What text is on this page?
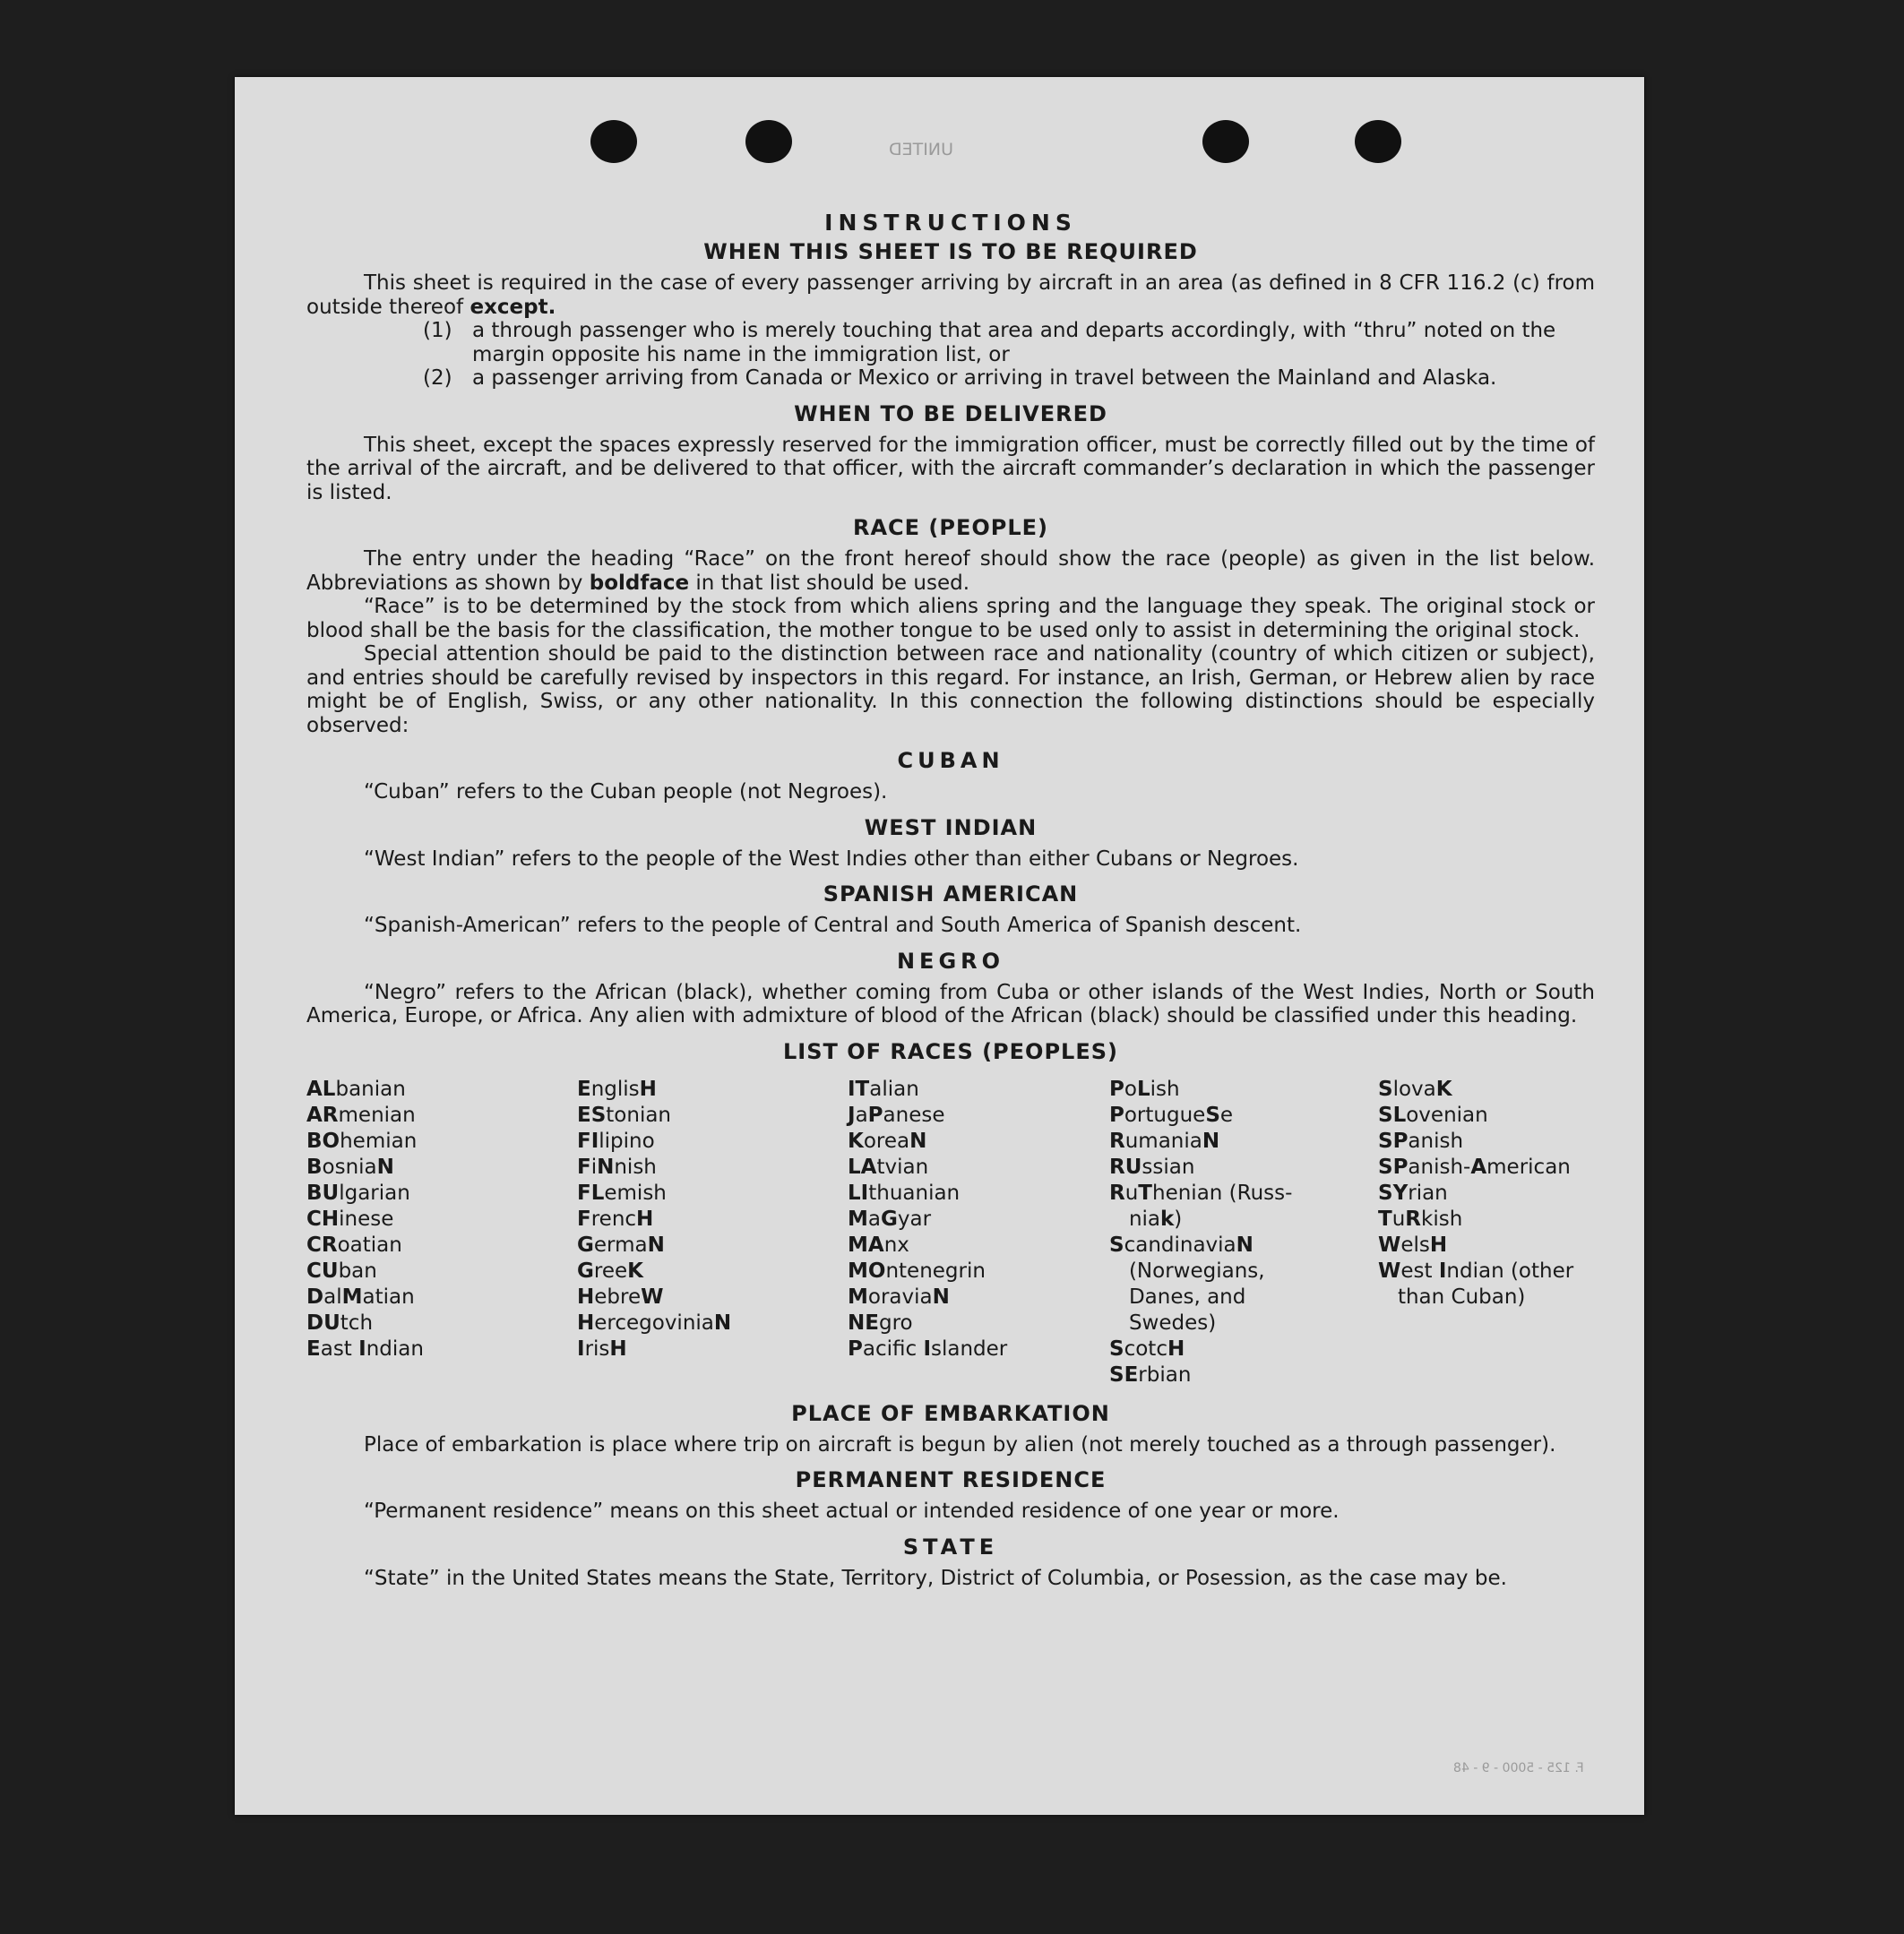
UNITED
F. 125 - 5000 - 9 - 48
INSTRUCTIONS
WHEN THIS SHEET IS TO BE REQUIRED

This sheet is required in the case of every passenger arriving by aircraft in an area (as defined in 8 CFR 116.2 (c) from outside thereof except.

(1) a through passenger who is merely touching that area and departs accordingly, with “thru” noted on the margin opposite his name in the immigration list, or
(2) a passenger arriving from Canada or Mexico or arriving in travel between the Mainland and Alaska.
WHEN TO BE DELIVERED

This sheet, except the spaces expressly reserved for the immigration officer, must be correctly filled out by the time of the arrival of the aircraft, and be delivered to that officer, with the aircraft commander’s declaration in which the passenger is listed.

RACE (PEOPLE)

The entry under the heading “Race” on the front hereof should show the race (people) as given in the list below. Abbreviations as shown by boldface in that list should be used.

“Race” is to be determined by the stock from which aliens spring and the language they speak. The original stock or blood shall be the basis for the classification, the mother tongue to be used only to assist in determining the original stock.

Special attention should be paid to the distinction between race and nationality (country of which citizen or subject), and entries should be carefully revised by inspectors in this regard. For instance, an Irish, German, or Hebrew alien by race might be of English, Swiss, or any other nationality. In this connection the following distinctions should be especially observed:

CUBAN

“Cuban” refers to the Cuban people (not Negroes).

WEST INDIAN

“West Indian” refers to the people of the West Indies other than either Cubans or Negroes.

SPANISH AMERICAN

“Spanish-American” refers to the people of Central and South America of Spanish descent.

NEGRO

“Negro” refers to the African (black), whether coming from Cuba or other islands of the West Indies, North or South America, Europe, or Africa. Any alien with admixture of blood of the African (black) should be classified under this heading.

LIST OF RACES (PEOPLES)
ALbanian
ARmenian
BOhemian
BosniaN
BUlgarian
CHinese
CRoatian
CUban
DalMatian
DUtch
East Indian
EnglisH
EStonian
FIlipino
FiNnish
FLemish
FrencH
GermaN
GreeK
HebreW
HercegoviniaN
IrisH
ITalian
JaPanese
KoreaN
LAtvian
LIthuanian
MaGyar
MAnx
MOntenegrin
MoraviaN
NEgro
Pacific Islander
PoLish
PortugueSe
RumaniaN
RUssian
RuThenian (Russ-
niak)
ScandinaviaN
(Norwegians,
Danes, and
Swedes)
ScotcH
SErbian
SlovaK
SLovenian
SPanish
SPanish-American
SYrian
TuRkish
WelsH
West Indian (other
than Cuban)
PLACE OF EMBARKATION

Place of embarkation is place where trip on aircraft is begun by alien (not merely touched as a through passenger).

PERMANENT RESIDENCE

“Permanent residence” means on this sheet actual or intended residence of one year or more.

STATE

“State” in the United States means the State, Territory, District of Columbia, or Posession, as the case may be.
